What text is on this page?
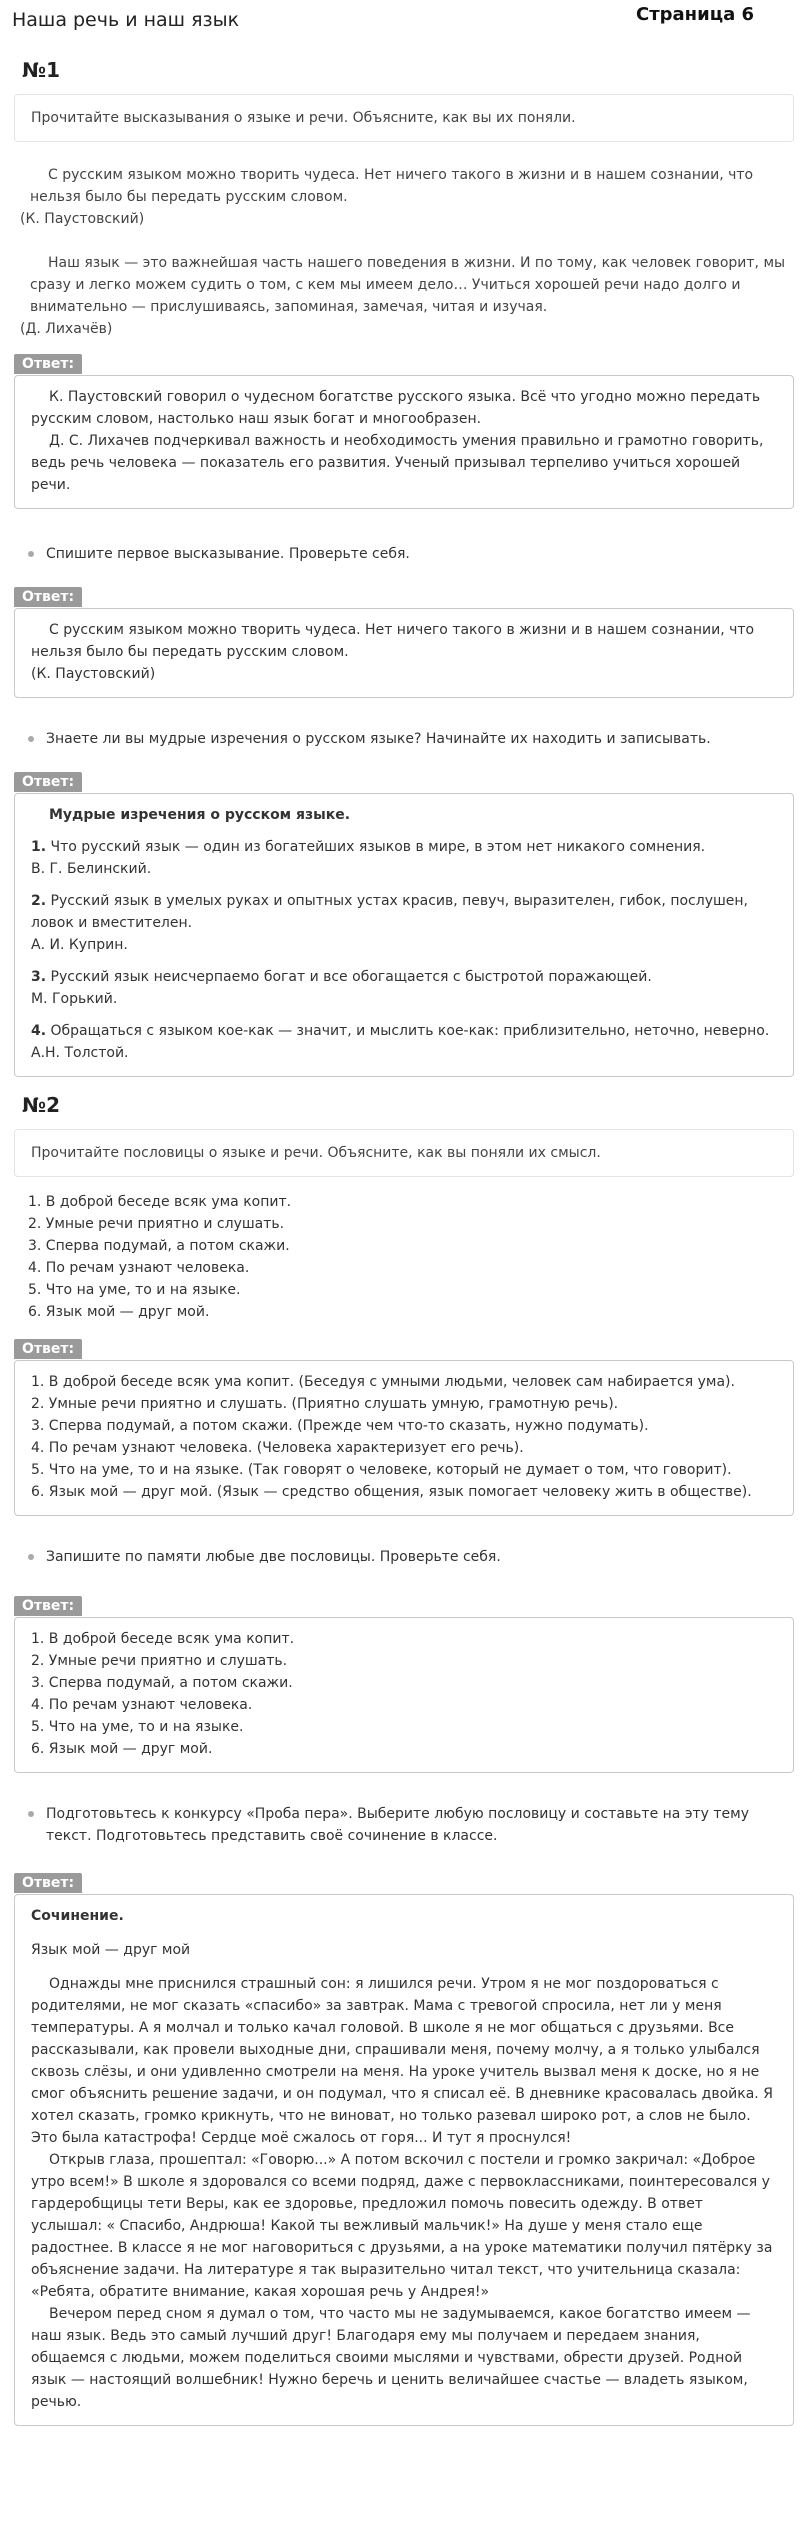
Наша речь и наш язык	Страница 6
№1
Прочитайте высказывания о языке и речи. Объясните, как вы их поняли.

С русским языком можно творить чудеса. Нет ничего такого в жизни и в нашем сознании, что нельзя было бы передать русским словом.

(К. Паустовский)

Наш язык — это важнейшая часть нашего поведения в жизни. И по тому, как человек говорит, мы сразу и легко можем судить о том, с кем мы имеем дело… Учиться хорошей речи надо долго и внимательно — прислушиваясь, запоминая, замечая, читая и изучая.

(Д. Лихачёв)

Ответ:

К. Паустовский говорил о чудесном богатстве русского языка. Всё что угодно можно передать русским словом, настолько наш язык богат и многообразен.

Д. С. Лихачев подчеркивал важность и необходимость умения правильно и грамотно говорить, ведь речь человека — показатель его развития. Ученый призывал терпеливо учиться хорошей речи.

Спишите первое высказывание. Проверьте себя.
Ответ:

С русским языком можно творить чудеса. Нет ничего такого в жизни и в нашем сознании, что нельзя было бы передать русским словом.

(К. Паустовский)

Знаете ли вы мудрые изречения о русском языке? Начинайте их находить и записывать.
Ответ:

Мудрые изречения о русском языке.

1. Что русский язык — один из богатейших языков в мире, в этом нет никакого сомнения.
В. Г. Белинский.
2. Русский язык в умелых руках и опытных устах красив, певуч, выразителен, гибок, послушен, ловок и вместителен.
А. И. Куприн.
3. Русский язык неисчерпаемо богат и все обогащается с быстротой поражающей.
М. Горький.
4. Обращаться с языком кое-как — значит, и мыслить кое-как: приблизительно, неточно, неверно.
А.Н. Толстой.
№2
Прочитайте пословицы о языке и речи. Объясните, как вы поняли их смысл.
1. В доброй беседе всяк ума копит.
2. Умные речи приятно и слушать.
3. Сперва подумай, а потом скажи.
4. По речам узнают человека.
5. Что на уме, то и на языке.
6. Язык мой — друг мой.
Ответ:
1. В доброй беседе всяк ума копит. (Беседуя с умными людьми, человек сам набирается ума).
2. Умные речи приятно и слушать. (Приятно слушать умную, грамотную речь).
3. Сперва подумай, а потом скажи. (Прежде чем что-то сказать, нужно подумать).
4. По речам узнают человека. (Человека характеризует его речь).
5. Что на уме, то и на языке. (Так говорят о человеке, который не думает о том, что говорит).
6. Язык мой — друг мой. (Язык — средство общения, язык помогает человеку жить в обществе).
Запишите по памяти любые две пословицы. Проверьте себя.
Ответ:
1. В доброй беседе всяк ума копит.
2. Умные речи приятно и слушать.
3. Сперва подумай, а потом скажи.
4. По речам узнают человека.
5. Что на уме, то и на языке.
6. Язык мой — друг мой.
Подготовьтесь к конкурсу «Проба пера». Выберите любую пословицу и составьте на эту тему текст. Подготовьтесь представить своё сочинение в классе.
Ответ:

Сочинение.

Язык мой — друг мой

Однажды мне приснился страшный сон: я лишился речи. Утром я не мог поздороваться с родителями, не мог сказать «спасибо» за завтрак. Мама с тревогой спросила, нет ли у меня температуры. А я молчал и только качал головой. В школе я не мог общаться с друзьями. Все рассказывали, как провели выходные дни, спрашивали меня, почему молчу, а я только улыбался сквозь слёзы, и они удивленно смотрели на меня. На уроке учитель вызвал меня к доске, но я не смог объяснить решение задачи, и он подумал, что я списал её. В дневнике красовалась двойка. Я хотел сказать, громко крикнуть, что не виноват, но только разевал широко рот, а слов не было. Это была катастрофа! Сердце моё сжалось от горя... И тут я проснулся!

Открыв глаза, прошептал: «Говорю...» А потом вскочил с постели и громко закричал: «Доброе утро всем!» В школе я здоровался со всеми подряд, даже с первоклассниками, поинтересовался у гардеробщицы тети Веры, как ее здоровье, предложил помочь повесить одежду. В ответ услышал: « Спасибо, Андрюша! Какой ты вежливый мальчик!» На душе у меня стало еще радостнее. В классе я не мог наговориться с друзьями, а на уроке математики получил пятёрку за объяснение задачи. На литературе я так выразительно читал текст, что учительница сказала: «Ребята, обратите внимание, какая хорошая речь у Андрея!»

Вечером перед сном я думал о том, что часто мы не задумываемся, какое богатство имеем — наш язык. Ведь это самый лучший друг! Благодаря ему мы получаем и передаем знания, общаемся с людьми, можем поделиться своими мыслями и чувствами, обрести друзей. Родной язык — настоящий волшебник! Нужно беречь и ценить величайшее счастье — владеть языком, речью.
